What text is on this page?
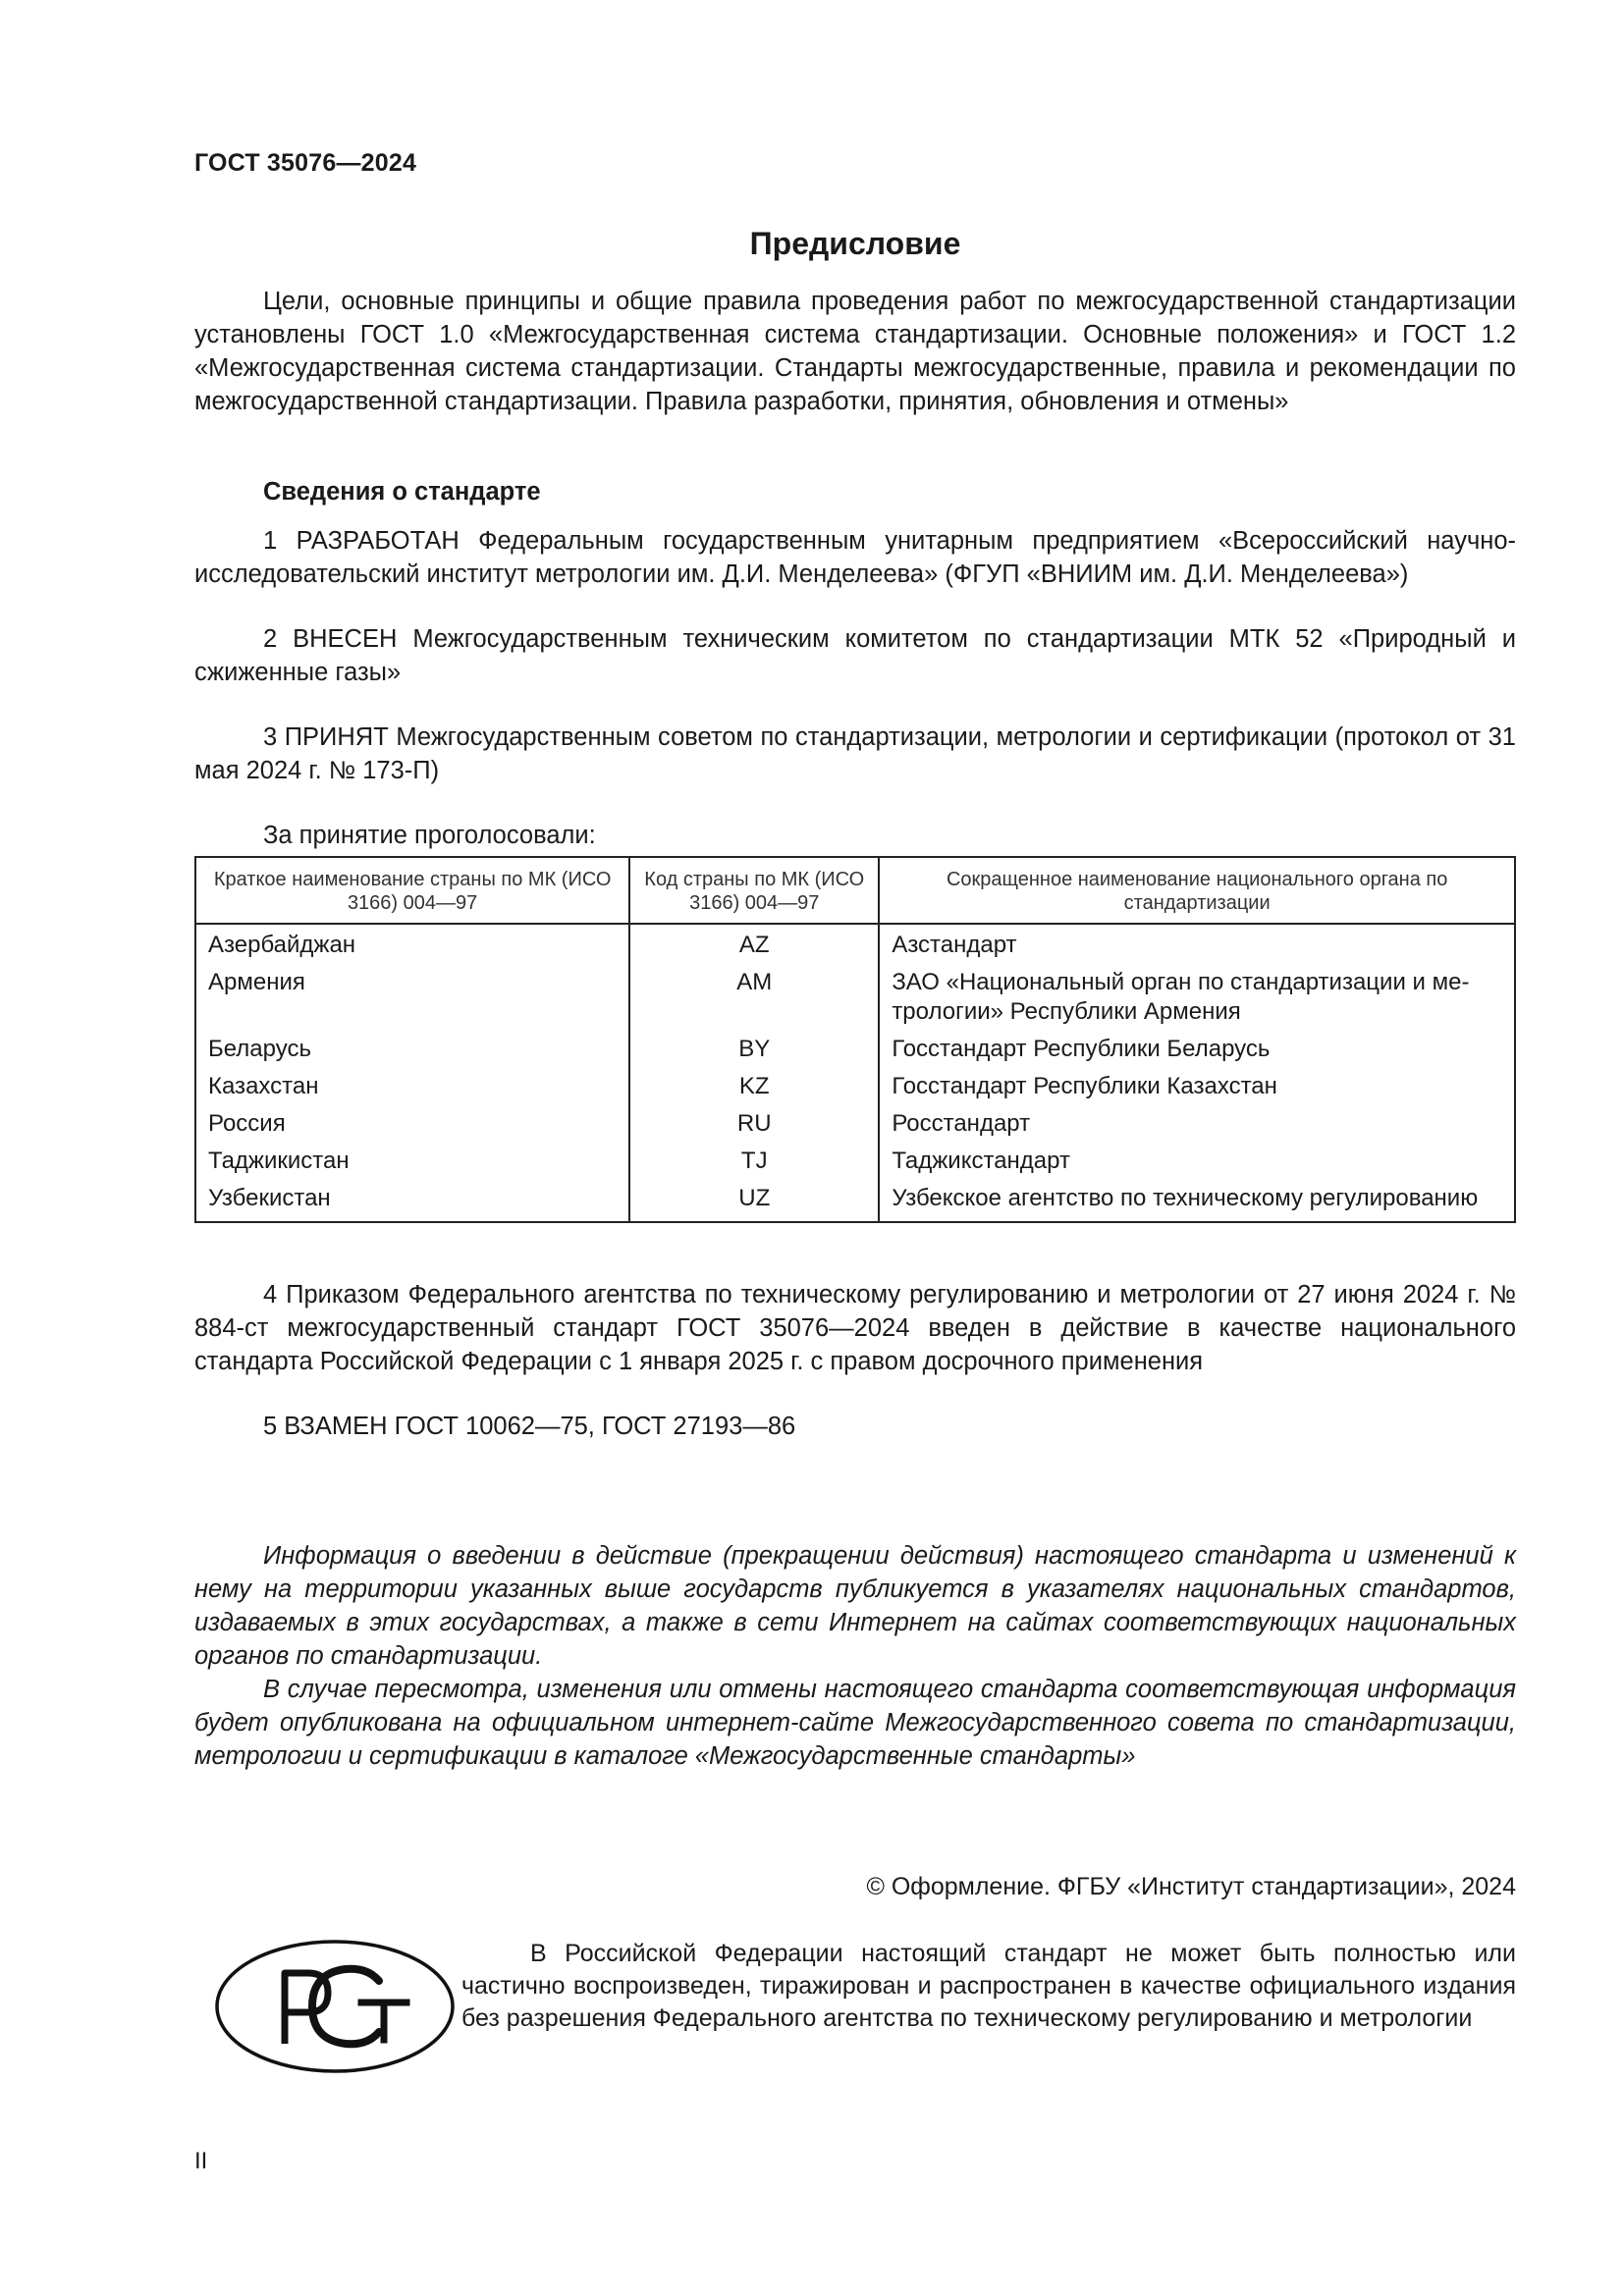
ГОСТ 35076—2024
Предисловие

Цели, основные принципы и общие правила проведения работ по межгосударственной стандартизации установлены ГОСТ 1.0 «Межгосударственная система стандартизации. Основные положения» и ГОСТ 1.2 «Межгосударственная система стандартизации. Стандарты межгосударственные, правила и рекомендации по межгосударственной стандартизации. Правила разработки, принятия, обновления и отмены»

Сведения о стандарте

1 РАЗРАБОТАН Федеральным государственным унитарным предприятием «Всероссийский научно-исследовательский институт метрологии им. Д.И. Менделеева» (ФГУП «ВНИИМ им. Д.И. Менделеева»)

2 ВНЕСЕН Межгосударственным техническим комитетом по стандартизации МТК 52 «Природный и сжиженные газы»

3 ПРИНЯТ Межгосударственным советом по стандартизации, метрологии и сертификации (протокол от 31 мая 2024 г. № 173-П)

За принятие проголосовали:

Краткое наименование страны по МК (ИСО 3166) 004—97	Код страны по МК (ИСО 3166) 004—97	Сокращенное наименование национального органа по стандартизации
Азербайджан	AZ	Азстандарт
Армения	AM	ЗАО «Национальный орган по стандартизации и метрологии» Республики Армения
Беларусь	BY	Госстандарт Республики Беларусь
Казахстан	KZ	Госстандарт Республики Казахстан
Россия	RU	Росстандарт
Таджикистан	TJ	Таджикстандарт
Узбекистан	UZ	Узбекское агентство по техническому регулированию

4 Приказом Федерального агентства по техническому регулированию и метрологии от 27 июня 2024 г. № 884-ст межгосударственный стандарт ГОСТ 35076—2024 введен в действие в качестве национального стандарта Российской Федерации с 1 января 2025 г. с правом досрочного применения

5 ВЗАМЕН ГОСТ 10062—75, ГОСТ 27193—86

Информация о введении в действие (прекращении действия) настоящего стандарта и изменений к нему на территории указанных выше государств публикуется в указателях национальных стандартов, издаваемых в этих государствах, а также в сети Интернет на сайтах соответствующих национальных органов по стандартизации.

В случае пересмотра, изменения или отмены настоящего стандарта соответствующая информация будет опубликована на официальном интернет-сайте Межгосударственного совета по стандартизации, метрологии и сертификации в каталоге «Межгосударственные стандарты»

© Оформление. ФГБУ «Институт стандартизации», 2024

В Российской Федерации настоящий стандарт не может быть полностью или частично воспроизведен, тиражирован и распространен в качестве официального издания без разрешения Федерального агентства по техническому регулированию и метрологии

II
